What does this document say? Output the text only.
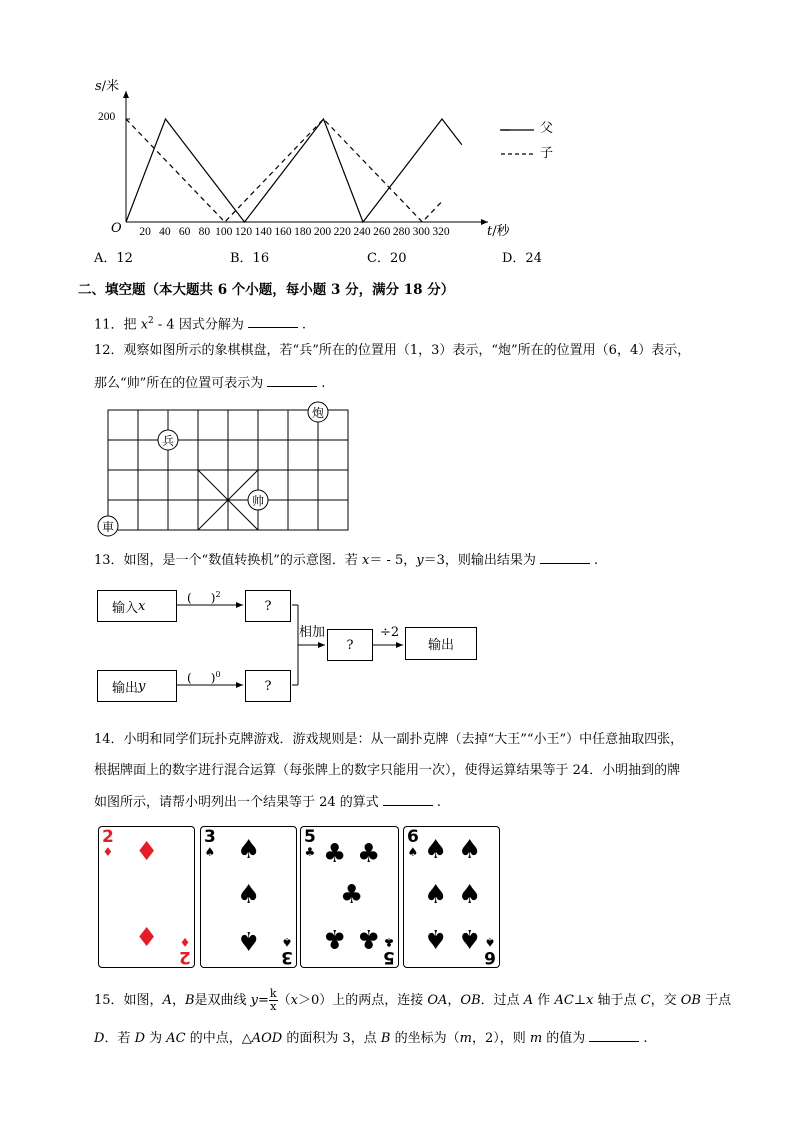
s/米
200
O 20 40 60 80 100 120 140 160 180 200 220 240 260 280 300 320	t/秒
父
子
A．12	B．16	C．20	D．24
二、填空题（本大题共 6 个小题，每小题 3 分，满分 18 分）
11．把 $x^2 - 4$ 因式分解为	.
12．观察如图所示的象棋棋盘，若“兵”所在的位置用（1，3）表示，“炮”所在的位置用（6，4）表示，
那么“帅”所在的位置可表示为	.
炮
兵
帅
車
13．如图，是一个“数值转换机”的示意图．若 x＝ - 5，y＝3，则输出结果为	.
输入 x
输出 y
(     )$^2$
(     )$^0$
?
?
相加
?
÷2
输出
14．小明和同学们玩扑克牌游戏．游戏规则是：从一副扑克牌（去掉“大王”“小王”）中任意抽取四张，
根据牌面上的数字进行混合运算（每张牌上的数字只能用一次），使得运算结果等于 24．小明抽到的牌
如图所示，请帮小明列出一个结果等于 24 的算式	.
2
♦ ♦
♦
2
♦
3
♠ ♠
♠
♠
3
♠
5
♣ ♣ ♣
♣
♣ ♣
5
♣
6
♠ ♠ ♠
♠ ♠
♠ ♠
6
♠
15．如图，A，B是双曲线 $y= \frac{k}{x} (x>0)$上的两点，连接 OA，OB．过点 A 作 AC⊥x 轴于点 C，交 OB 于点
D．若 D 为 AC 的中点，△AOD 的面积为 3，点 B 的坐标为（m，2），则 m 的值为	.
